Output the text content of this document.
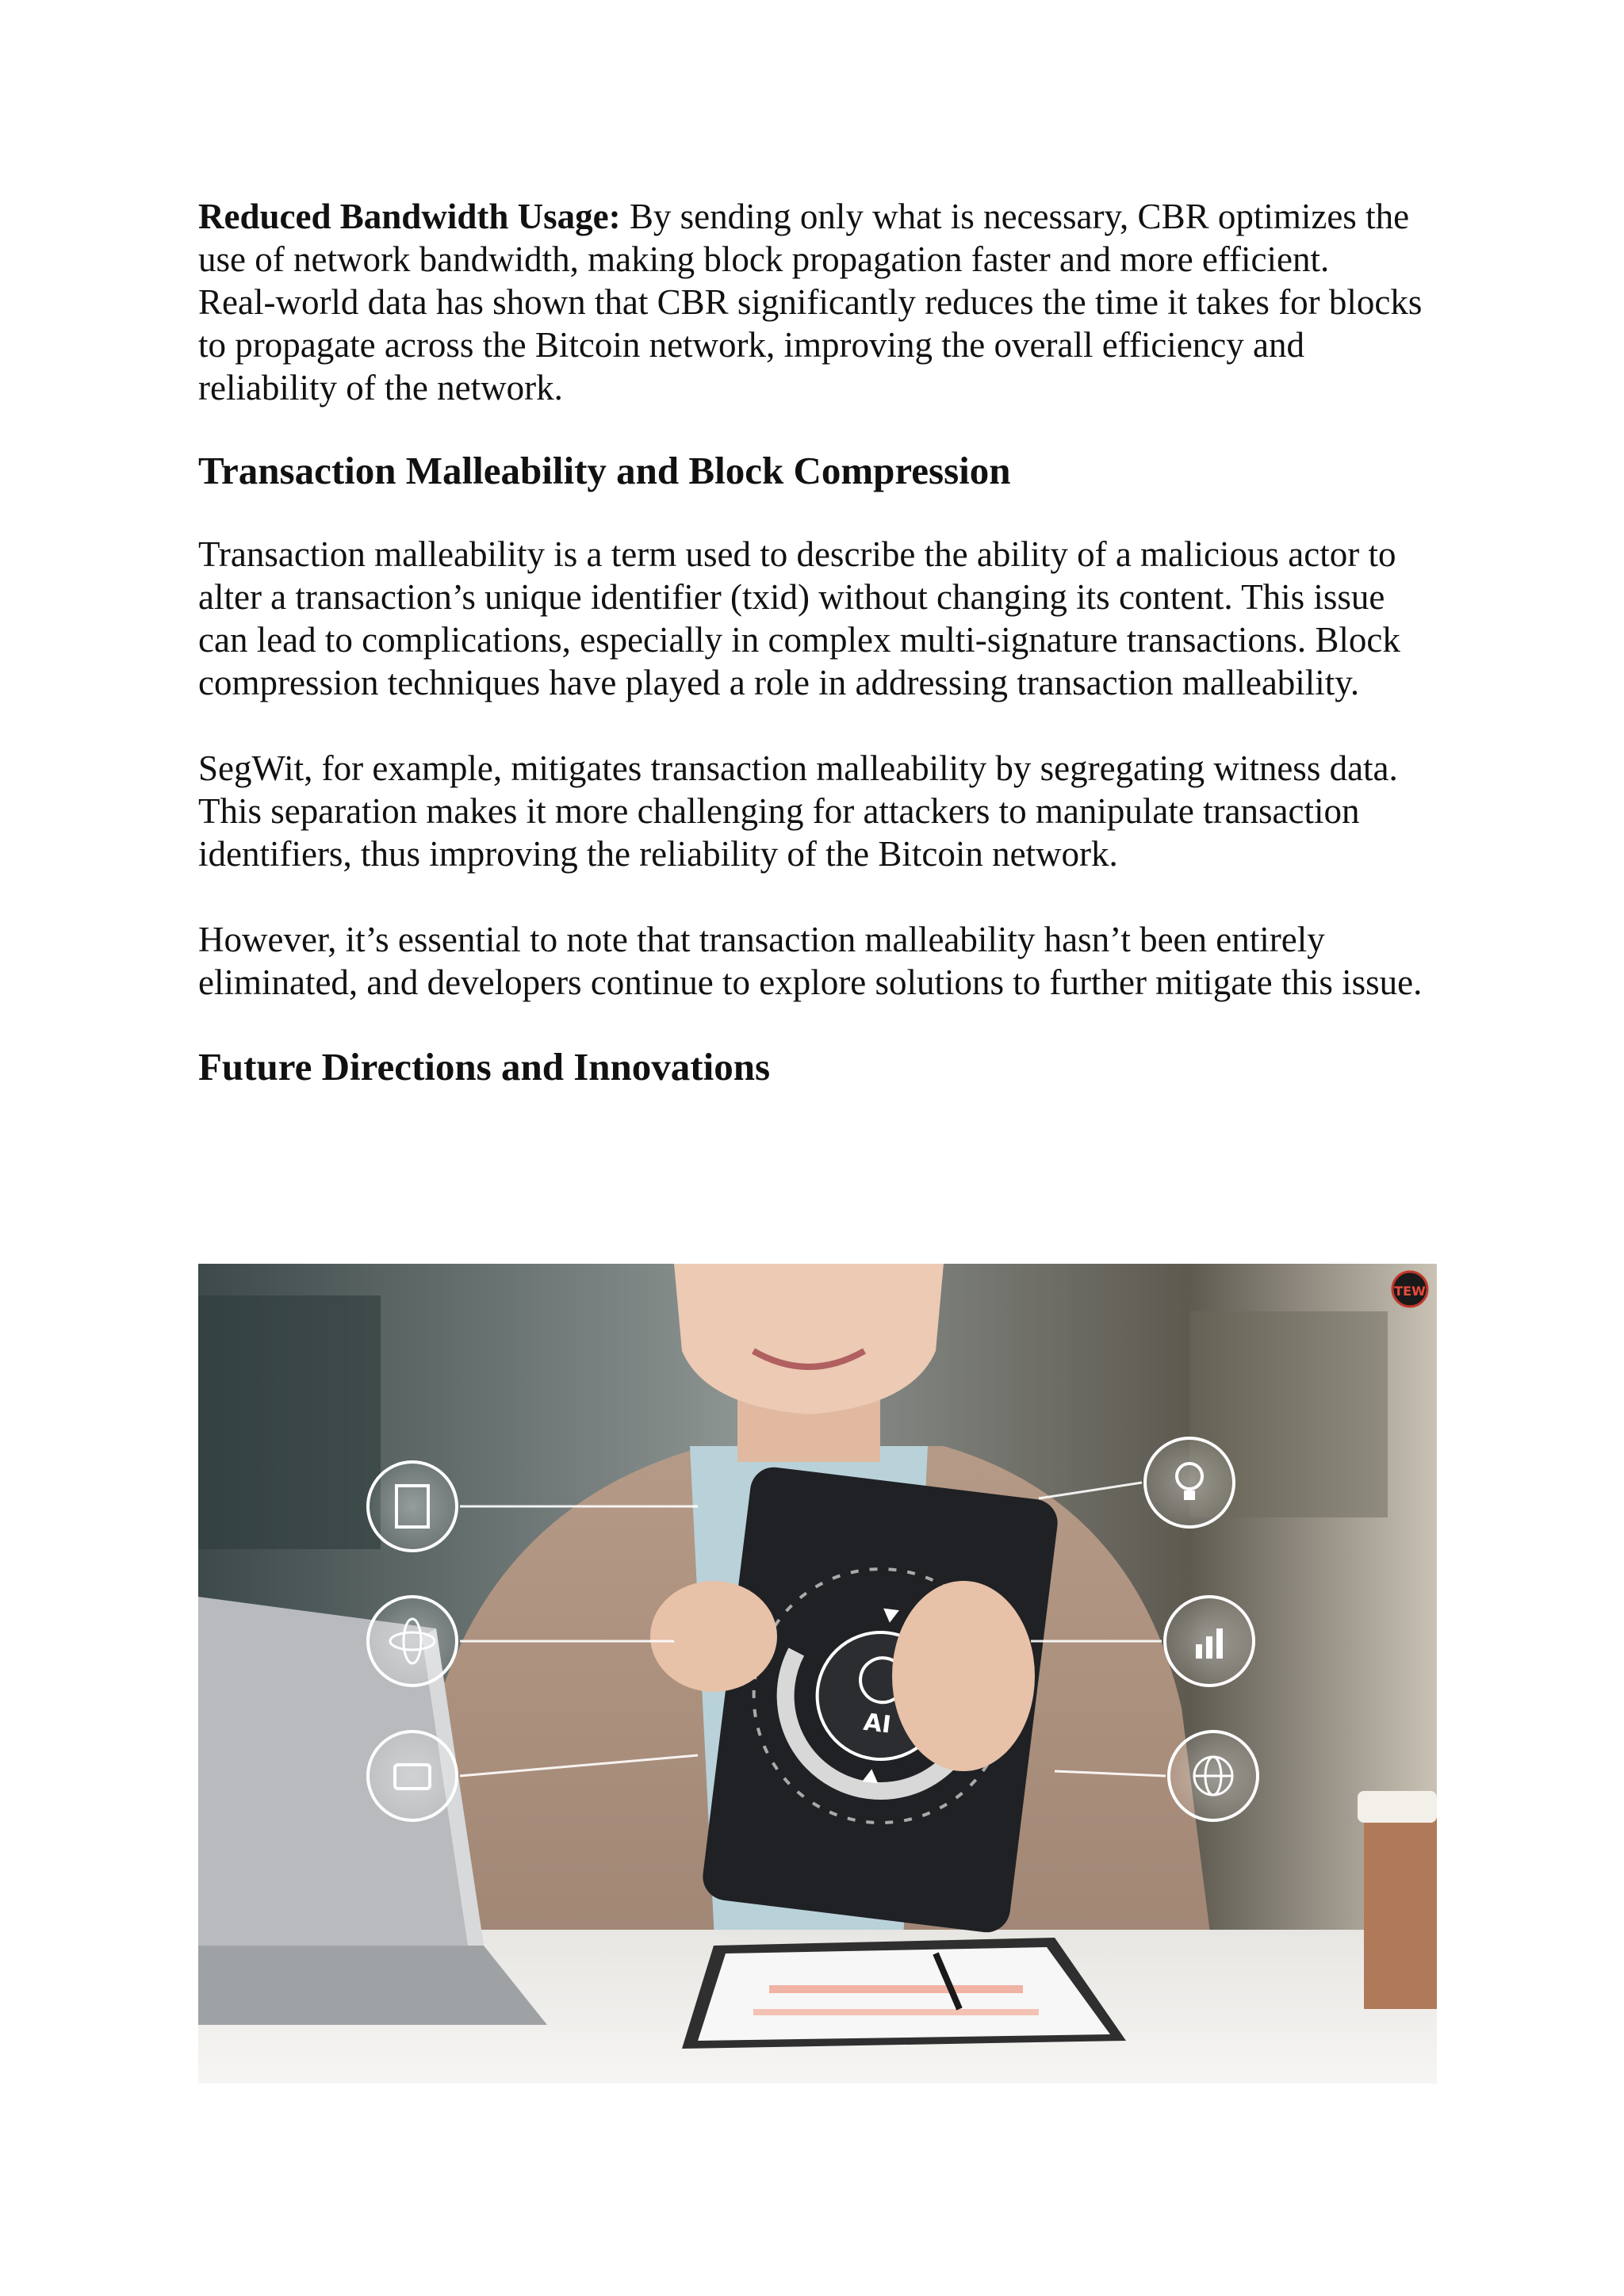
Reduced Bandwidth Usage: By sending only what is necessary, CBR optimizes the use of network bandwidth, making block propagation faster and more efficient.

Real-world data has shown that CBR significantly reduces the time it takes for blocks to propagate across the Bitcoin network, improving the overall efficiency and reliability of the network.

Transaction Malleability and Block Compression

Transaction malleability is a term used to describe the ability of a malicious actor to alter a transaction’s unique identifier (txid) without changing its content. This issue can lead to complications, especially in complex multi-signature transactions. Block compression techniques have played a role in addressing transaction malleability.

SegWit, for example, mitigates transaction malleability by segregating witness data. This separation makes it more challenging for attackers to manipulate transaction identifiers, thus improving the reliability of the Bitcoin network.

However, it’s essential to note that transaction malleability hasn’t been entirely eliminated, and developers continue to explore solutions to further mitigate this issue.

Future Directions and Innovations
AI
TEW
